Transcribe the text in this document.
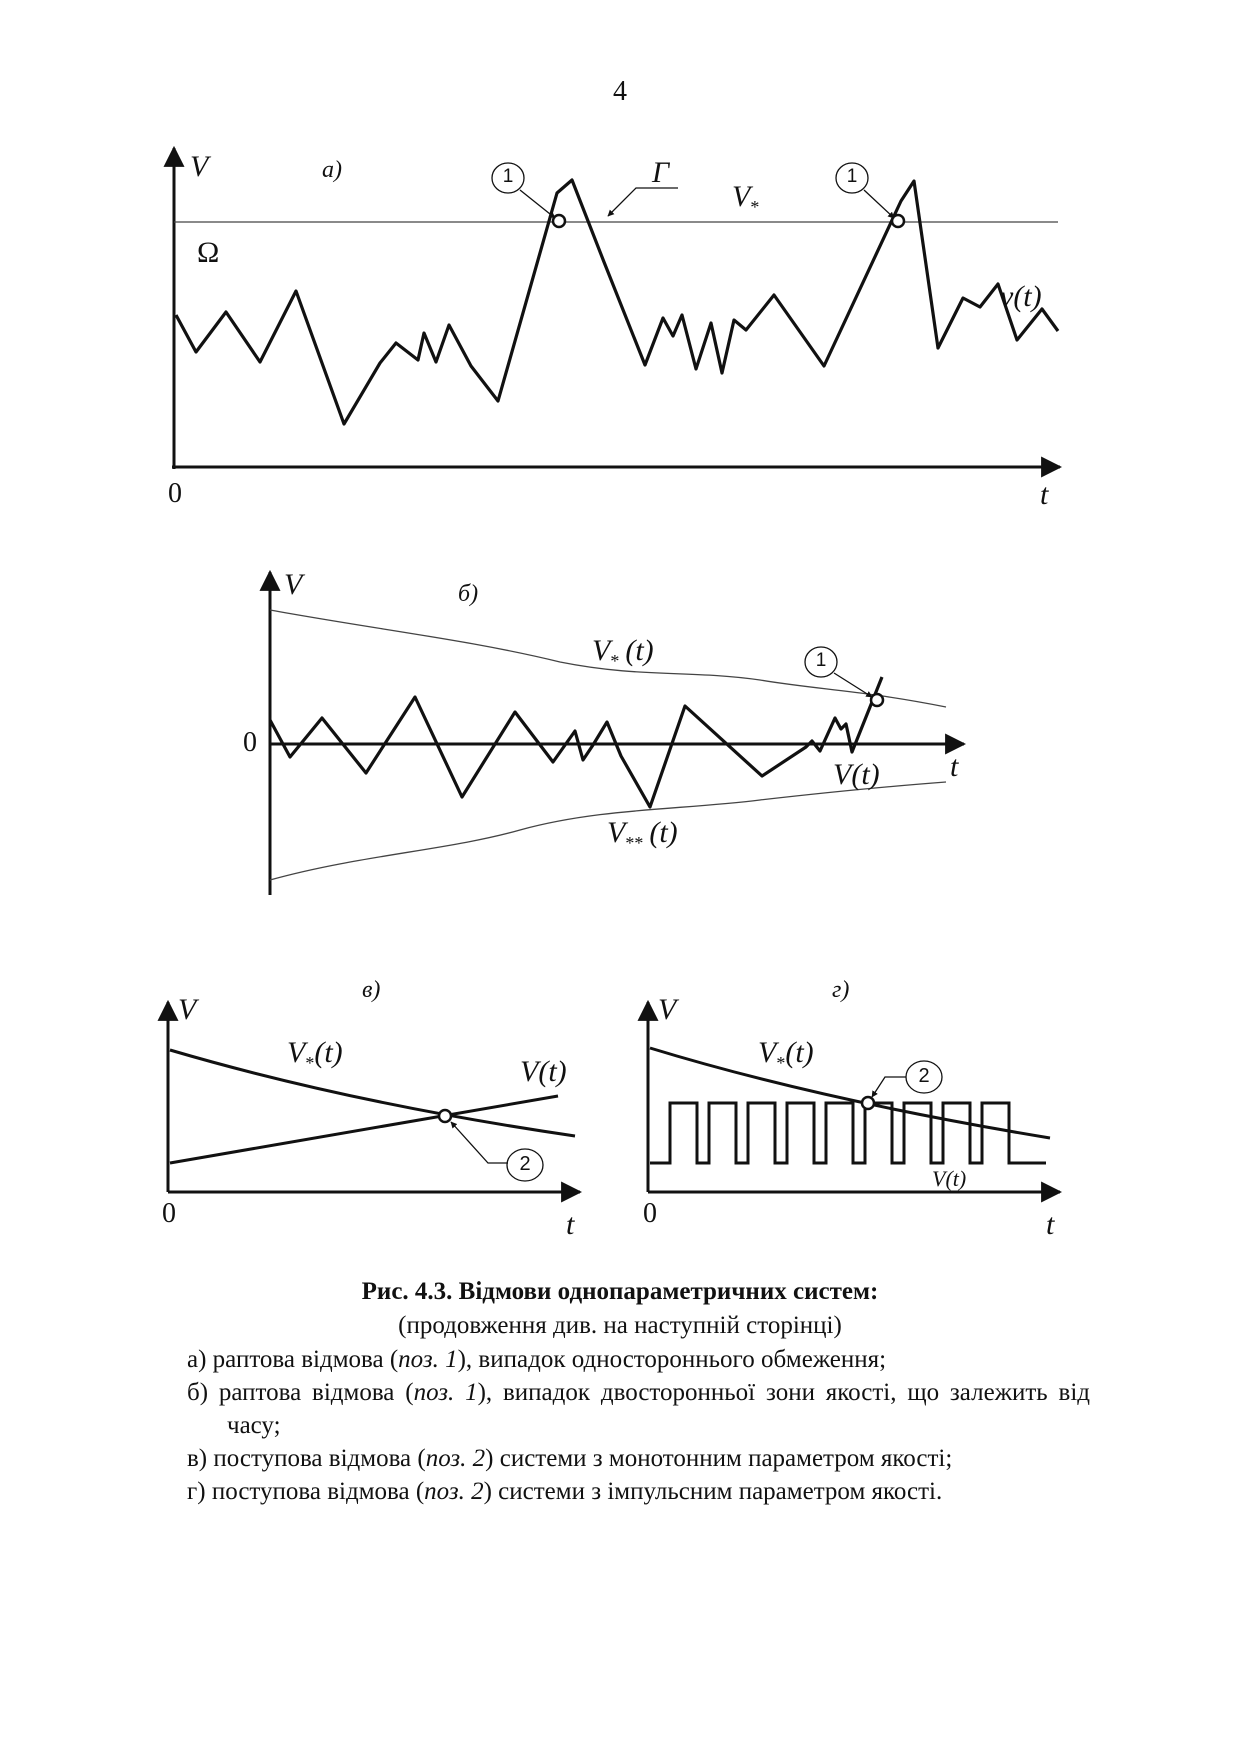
4
V	а)
Ω
0	t
Г
$V_*$
v(t)
1	1
V	б)
0
t
$V_*$  (t)
$V_{**}$  (t)
V(t)
1
V
в)
0	t
$V_*(t)$
V(t)
2
V
г)
0	t
$V_*(t)$
V(t)
2

Рис. 4.3. Відмови однопараметричних систем:

(продовження див. на наступній сторінці)

а) раптова відмова (поз. 1), випадок одностороннього обмеження;

б) раптова відмова (поз. 1), випадок двосторонньої зони якості, що залежить від часу;

в) поступова відмова (поз. 2) системи з монотонним параметром якості;

г) поступова відмова (поз. 2) системи з імпульсним параметром якості.
